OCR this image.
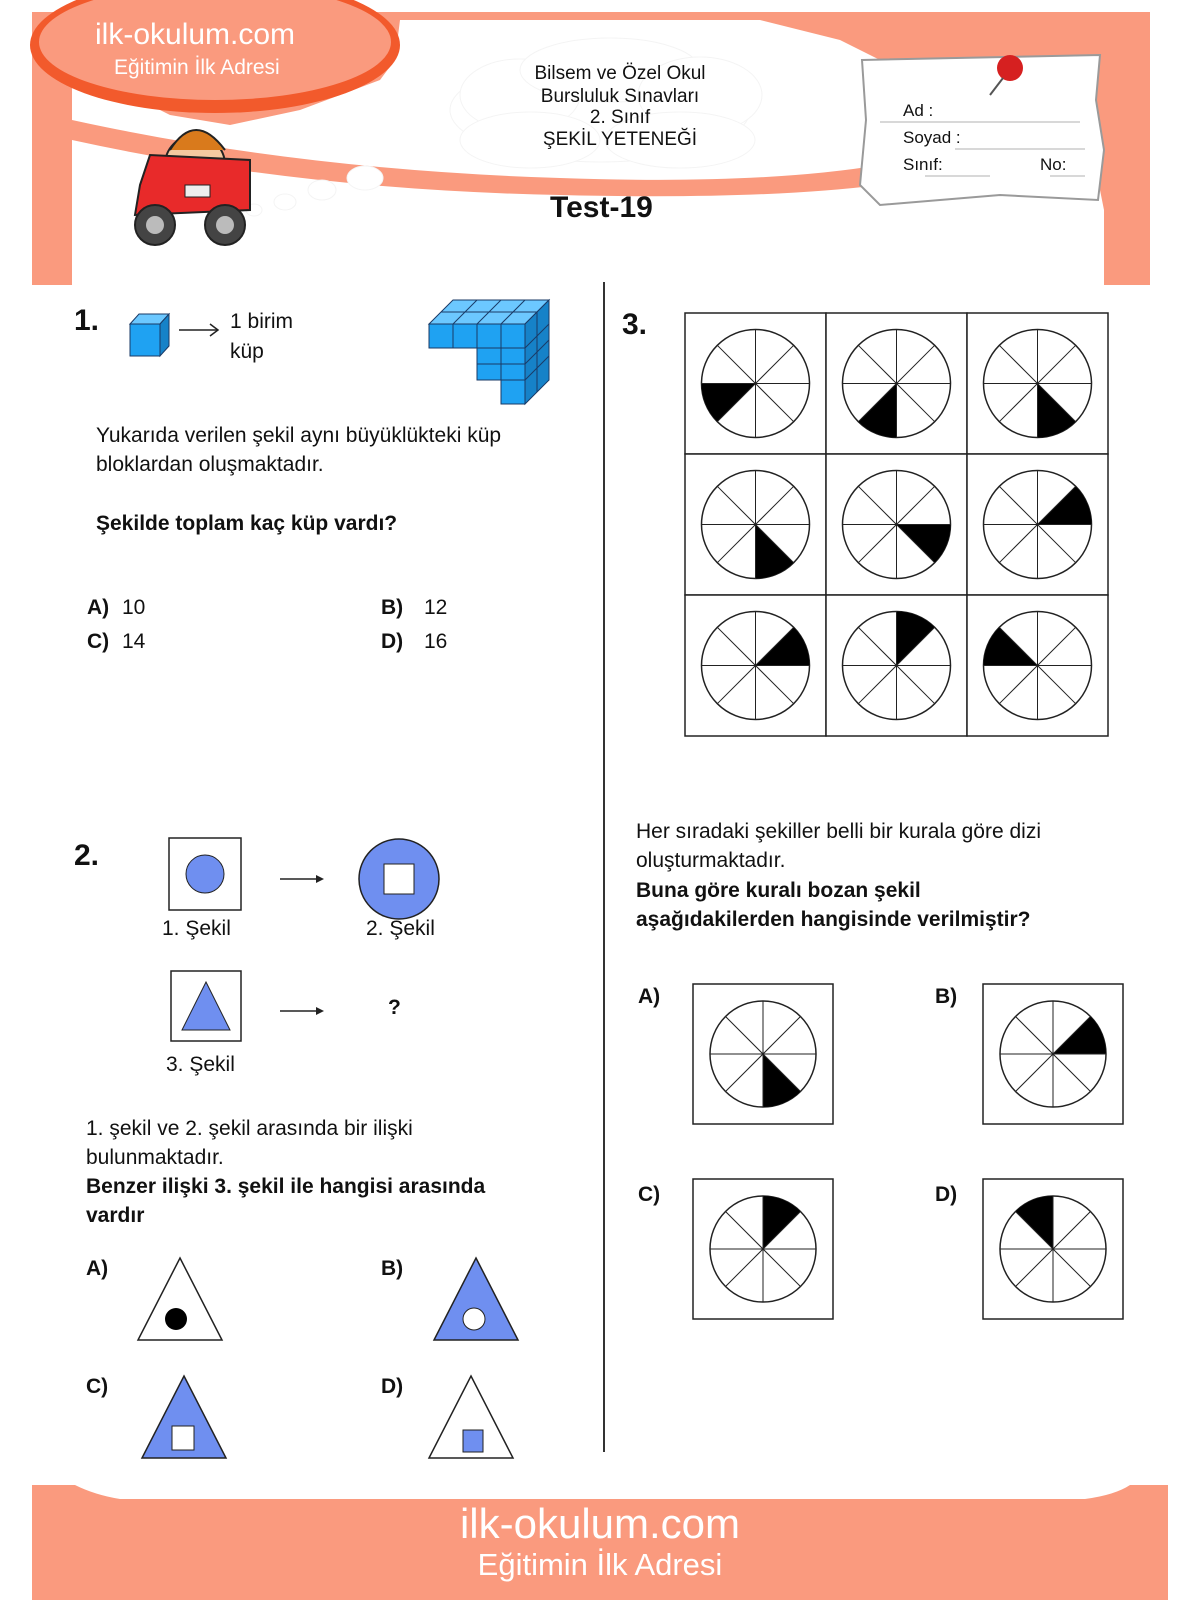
ilk-okulum.com
Eğitimin İlk Adresi	Bilsem ve Özel Okul
Bursluluk Sınavları
2. Sınıf
ŞEKİL YETENEĞİ
Test-19
Ad :
Soyad :
Sınıf:	No:
1.	1 birim
küp
Yukarıda verilen şekil aynı büyüklükteki küp
bloklardan oluşmaktadır.
Şekilde toplam kaç küp vardı?
A) 10	B) 12
C) 14	D) 16
2.
1. Şekil	2. Şekil
?
3. Şekil
1. şekil ve 2. şekil arasında bir ilişki
bulunmaktadır.
Benzer ilişki 3. şekil ile hangisi arasında
vardır
A)	B)
C)	D)
3.
Her sıradaki şekiller belli bir kurala göre dizi
oluşturmaktadır.
Buna göre kuralı bozan şekil
aşağıdakilerden hangisinde verilmiştir?
A)	B)
C)	D)
ilk-okulum.com
Eğitimin İlk Adresi
